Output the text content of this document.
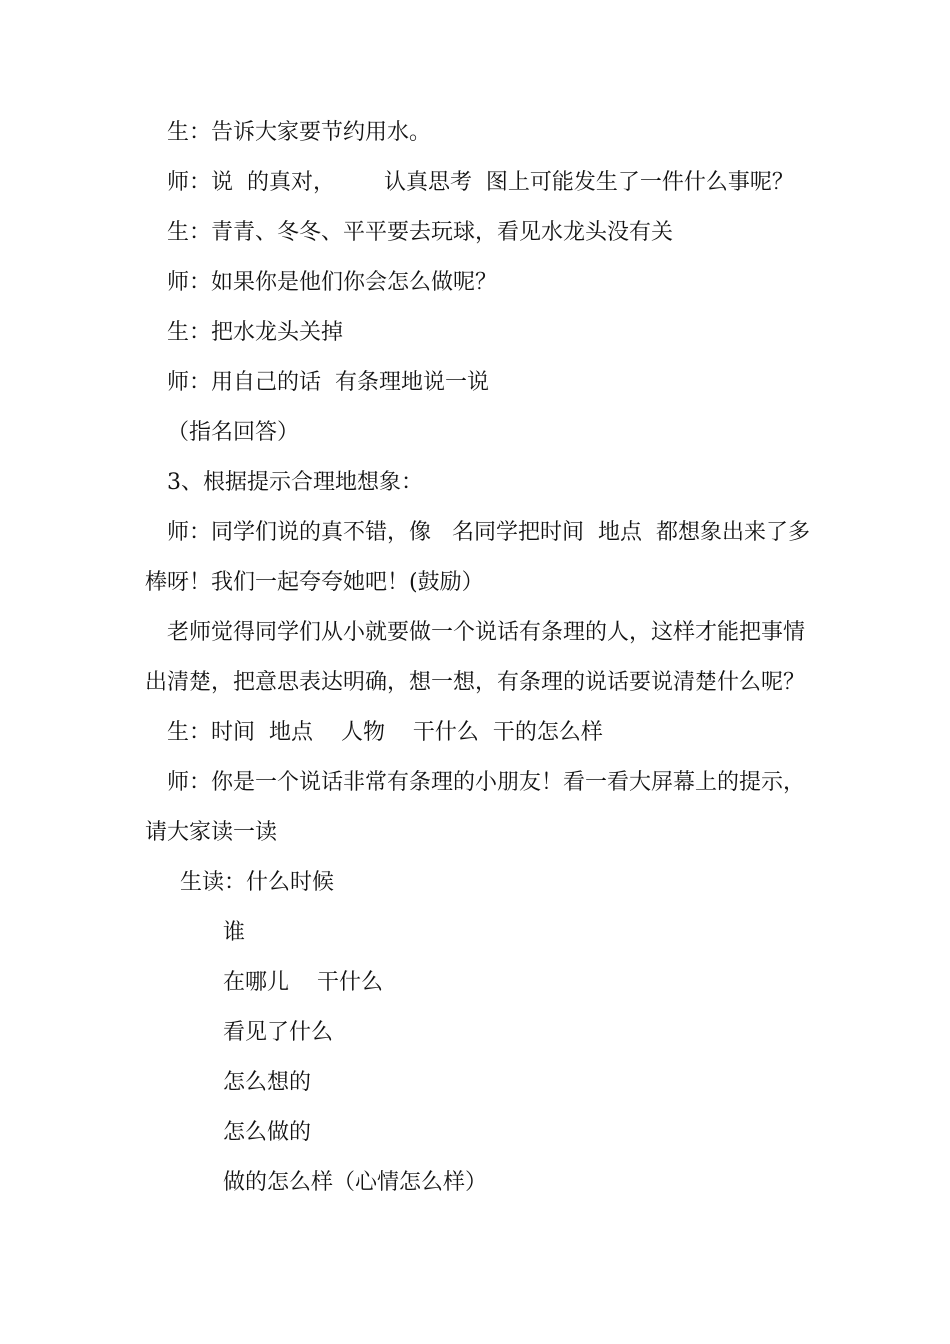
生：告诉大家要节约用水。
师：说  的真对，       认真思考  图上可能发生了一件什么事呢？
生：青青、冬冬、平平要去玩球，看见水龙头没有关
师：如果你是他们你会怎么做呢？
生：把水龙头关掉
师：用自己的话  有条理地说一说
（指名回答）
3、根据提示合理地想象：
师：同学们说的真不错，像   名同学把时间  地点  都想象出来了多
棒呀！我们一起夸夸她吧！(鼓励）
老师觉得同学们从小就要做一个说话有条理的人，这样才能把事情
出清楚，把意思表达明确，想一想，有条理的说话要说清楚什么呢？
生：时间  地点    人物    干什么  干的怎么样
师：你是一个说话非常有条理的小朋友！看一看大屏幕上的提示，
请大家读一读
生读：什么时候
谁
在哪儿    干什么
看见了什么
怎么想的
怎么做的
做的怎么样（心情怎么样）
